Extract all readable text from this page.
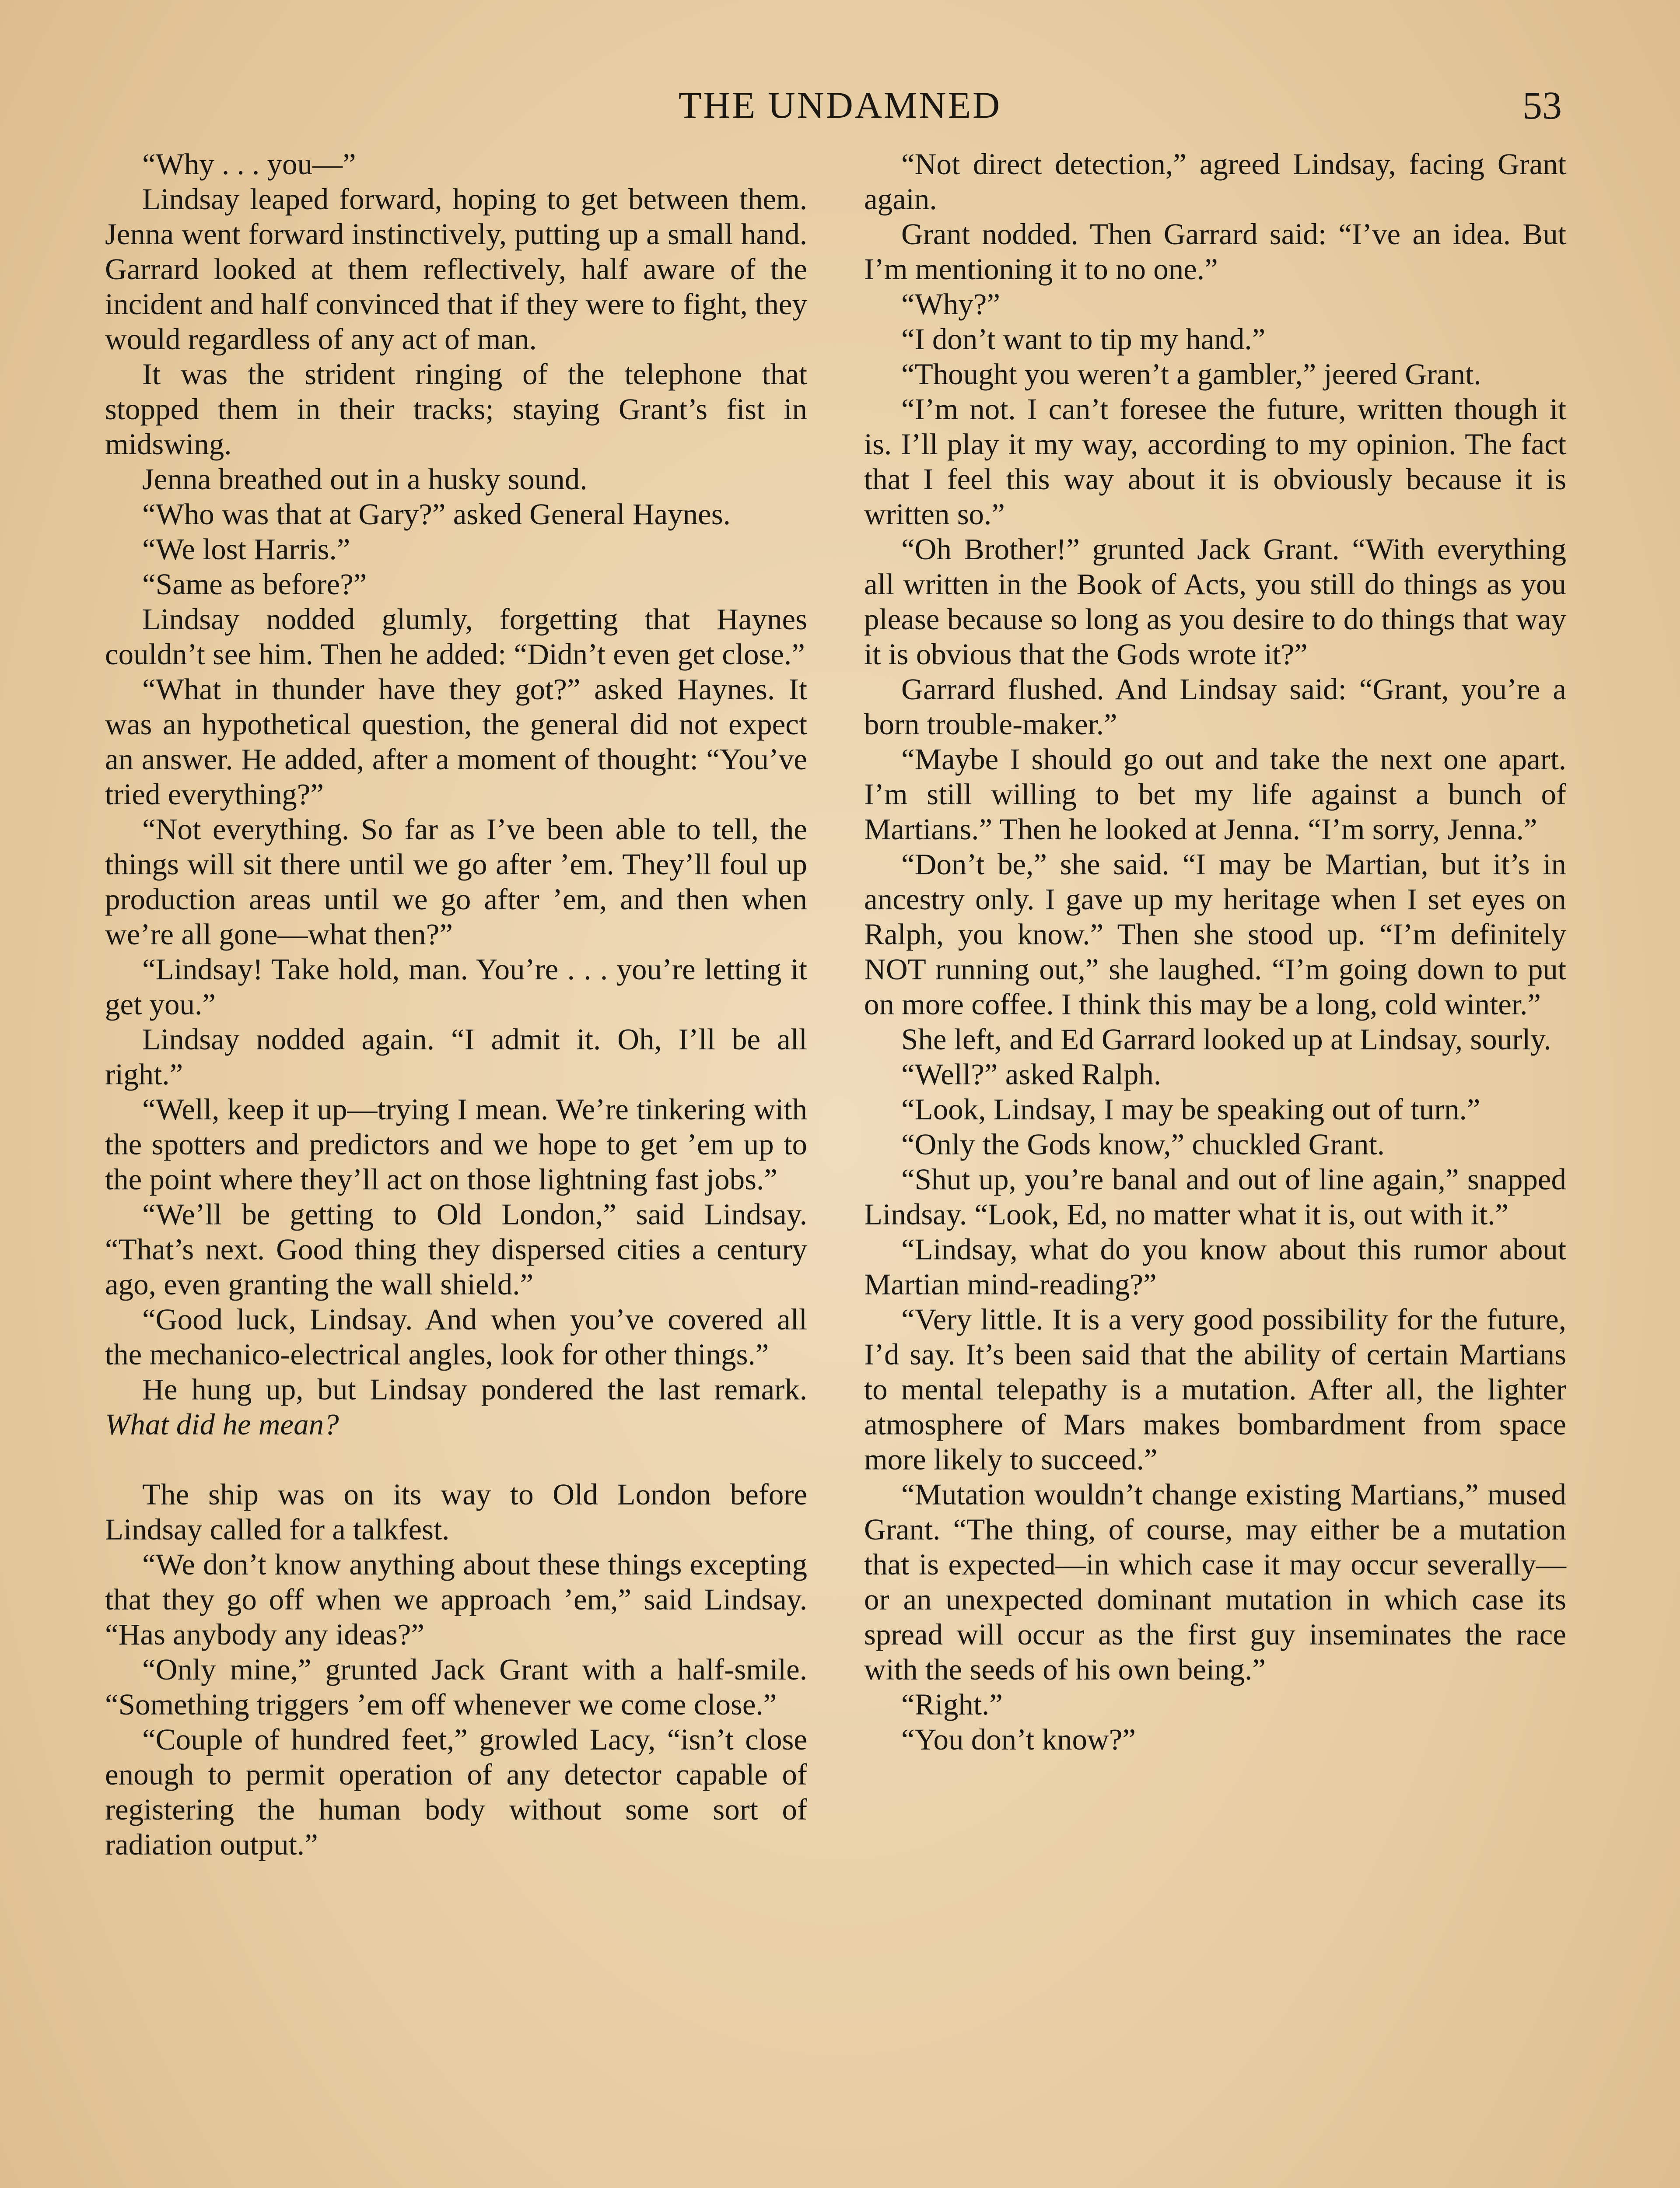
THE UNDAMNED	53

“Why . . . you—”

Lindsay leaped forward, hoping to get between them. Jenna went forward instinctively, putting up a small hand. Garrard looked at them reflectively, half aware of the incident and half convinced that if they were to fight, they would regardless of any act of man.

It was the strident ringing of the telephone that stopped them in their tracks; staying Grant’s fist in midswing.

Jenna breathed out in a husky sound.

“Who was that at Gary?” asked General Haynes.

“We lost Harris.”

“Same as before?”

Lindsay nodded glumly, forgetting that Haynes couldn’t see him. Then he added: “Didn’t even get close.”

“What in thunder have they got?” asked Haynes. It was an hypothetical question, the general did not expect an answer. He added, after a moment of thought: “You’ve tried everything?”

“Not everything. So far as I’ve been able to tell, the things will sit there until we go after ’em. They’ll foul up production areas until we go after ’em, and then when we’re all gone—what then?”

“Lindsay! Take hold, man. You’re . . . you’re letting it get you.”

Lindsay nodded again. “I admit it. Oh, I’ll be all right.”

“Well, keep it up—trying I mean. We’re tinkering with the spotters and predictors and we hope to get ’em up to the point where they’ll act on those lightning fast jobs.”

“We’ll be getting to Old London,” said Lindsay. “That’s next. Good thing they dispersed cities a century ago, even granting the wall shield.”

“Good luck, Lindsay. And when you’ve covered all the mechanico-electrical angles, look for other things.”

He hung up, but Lindsay pondered the last remark. What did he mean?

The ship was on its way to Old London before Lindsay called for a talkfest.

“We don’t know anything about these things excepting that they go off when we approach ’em,” said Lindsay. “Has anybody any ideas?”

“Only mine,” grunted Jack Grant with a half-smile. “Something triggers ’em off whenever we come close.”

“Couple of hundred feet,” growled Lacy, “isn’t close enough to permit operation of any detector capable of registering the human body without some sort of radiation output.”

“Not direct detection,” agreed Lindsay, facing Grant again.

Grant nodded. Then Garrard said: “I’ve an idea. But I’m mentioning it to no one.”

“Why?”

“I don’t want to tip my hand.”

“Thought you weren’t a gambler,” jeered Grant.

“I’m not. I can’t foresee the future, written though it is. I’ll play it my way, according to my opinion. The fact that I feel this way about it is obviously because it is written so.”

“Oh Brother!” grunted Jack Grant. “With everything all written in the Book of Acts, you still do things as you please because so long as you desire to do things that way it is obvious that the Gods wrote it?”

Garrard flushed. And Lindsay said: “Grant, you’re a born trouble-maker.”

“Maybe I should go out and take the next one apart. I’m still willing to bet my life against a bunch of Martians.” Then he looked at Jenna. “I’m sorry, Jenna.”

“Don’t be,” she said. “I may be Martian, but it’s in ancestry only. I gave up my heritage when I set eyes on Ralph, you know.” Then she stood up. “I’m definitely NOT running out,” she laughed. “I’m going down to put on more coffee. I think this may be a long, cold winter.”

She left, and Ed Garrard looked up at Lindsay, sourly.

“Well?” asked Ralph.

“Look, Lindsay, I may be speaking out of turn.”

“Only the Gods know,” chuckled Grant.

“Shut up, you’re banal and out of line again,” snapped Lindsay. “Look, Ed, no matter what it is, out with it.”

“Lindsay, what do you know about this rumor about Martian mind-reading?”

“Very little. It is a very good possibility for the future, I’d say. It’s been said that the ability of certain Martians to mental telepathy is a mutation. After all, the lighter atmosphere of Mars makes bombardment from space more likely to succeed.”

“Mutation wouldn’t change existing Martians,” mused Grant. “The thing, of course, may either be a mutation that is expected—in which case it may occur severally—or an unexpected dominant mutation in which case its spread will occur as the first guy inseminates the race with the seeds of his own being.”

“Right.”

“You don’t know?”
